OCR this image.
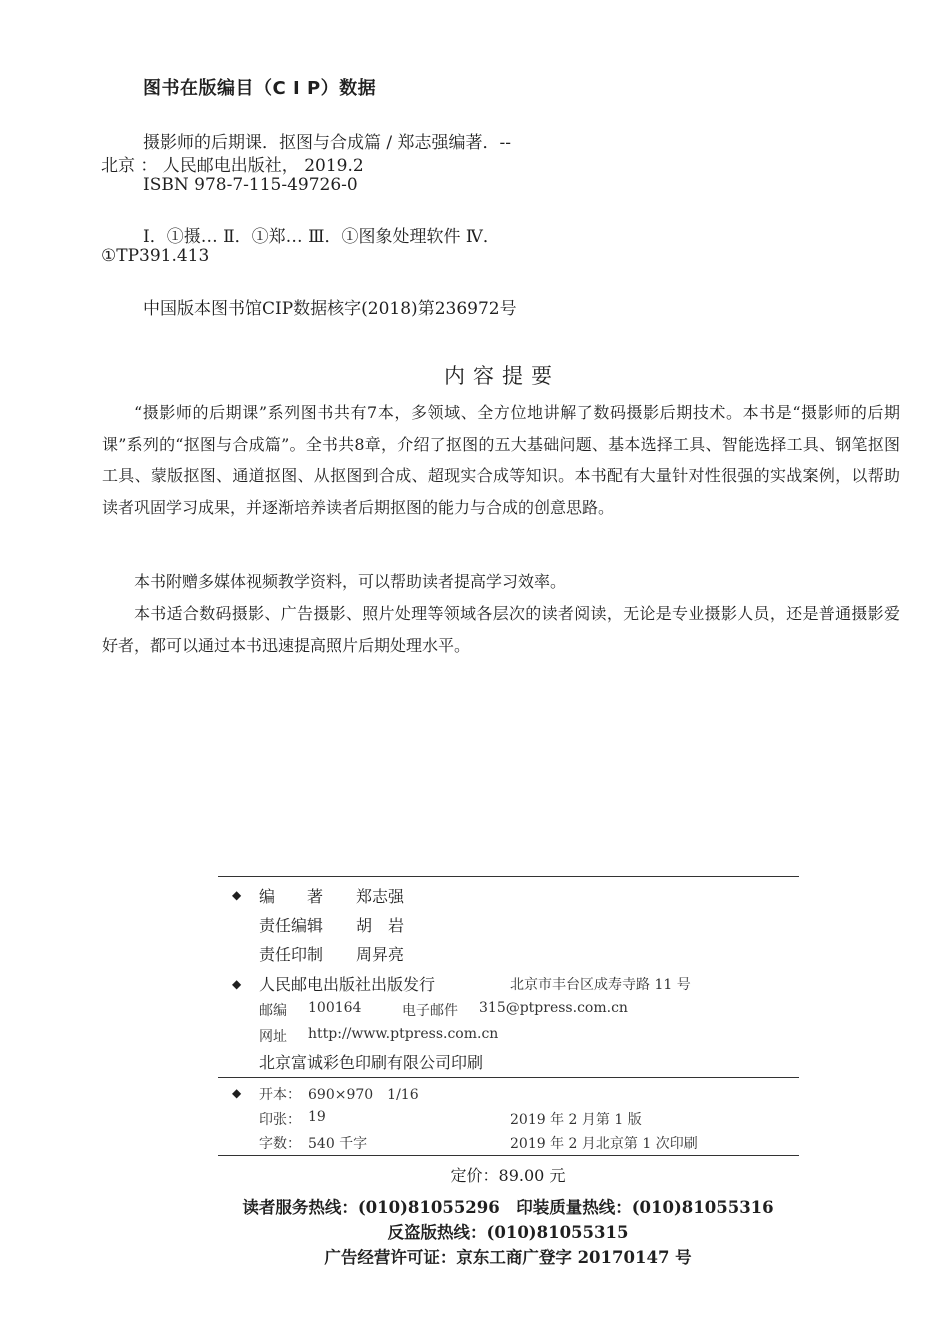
图书在版编目（C I P）数据
摄影师的后期课．抠图与合成篇 / 郑志强编著．--
北京 ： 人民邮电出版社， 2019.2
ISBN 978-7-115-49726-0
Ⅰ．①摄… Ⅱ．①郑… Ⅲ．①图象处理软件 Ⅳ．
①TP391.413
中国版本图书馆CIP数据核字(2018)第236972号
内容提要

“摄影师的后期课”系列图书共有7本，多领域、全方位地讲解了数码摄影后期技术。本书是“摄影师的后期课”系列的“抠图与合成篇”。全书共8章，介绍了抠图的五大基础问题、基本选择工具、智能选择工具、钢笔抠图工具、蒙版抠图、通道抠图、从抠图到合成、超现实合成等知识。本书配有大量针对性很强的实战案例，以帮助读者巩固学习成果，并逐渐培养读者后期抠图的能力与合成的创意思路。

本书附赠多媒体视频教学资料，可以帮助读者提高学习效率。

本书适合数码摄影、广告摄影、照片处理等领域各层次的读者阅读，无论是专业摄影人员，还是普通摄影爱好者，都可以通过本书迅速提高照片后期处理水平。

◆ 编　　著 郑志强
责任编辑 胡　岩
责任印制 周昇亮
◆ 人民邮电出版社出版发行	北京市丰台区成寿寺路 11 号
邮编 100164	电子邮件 315@ptpress.com.cn
网址 http://www.ptpress.com.cn
北京富诚彩色印刷有限公司印刷
◆ 开本： 690×970　1/16
印张： 19	2019 年 2 月第 1 版
字数： 540 千字	2019 年 2 月北京第 1 次印刷
定价：89.00 元
读者服务热线：(010)81055296　印装质量热线：(010)81055316
反盗版热线：(010)81055315
广告经营许可证：京东工商广登字 20170147 号
